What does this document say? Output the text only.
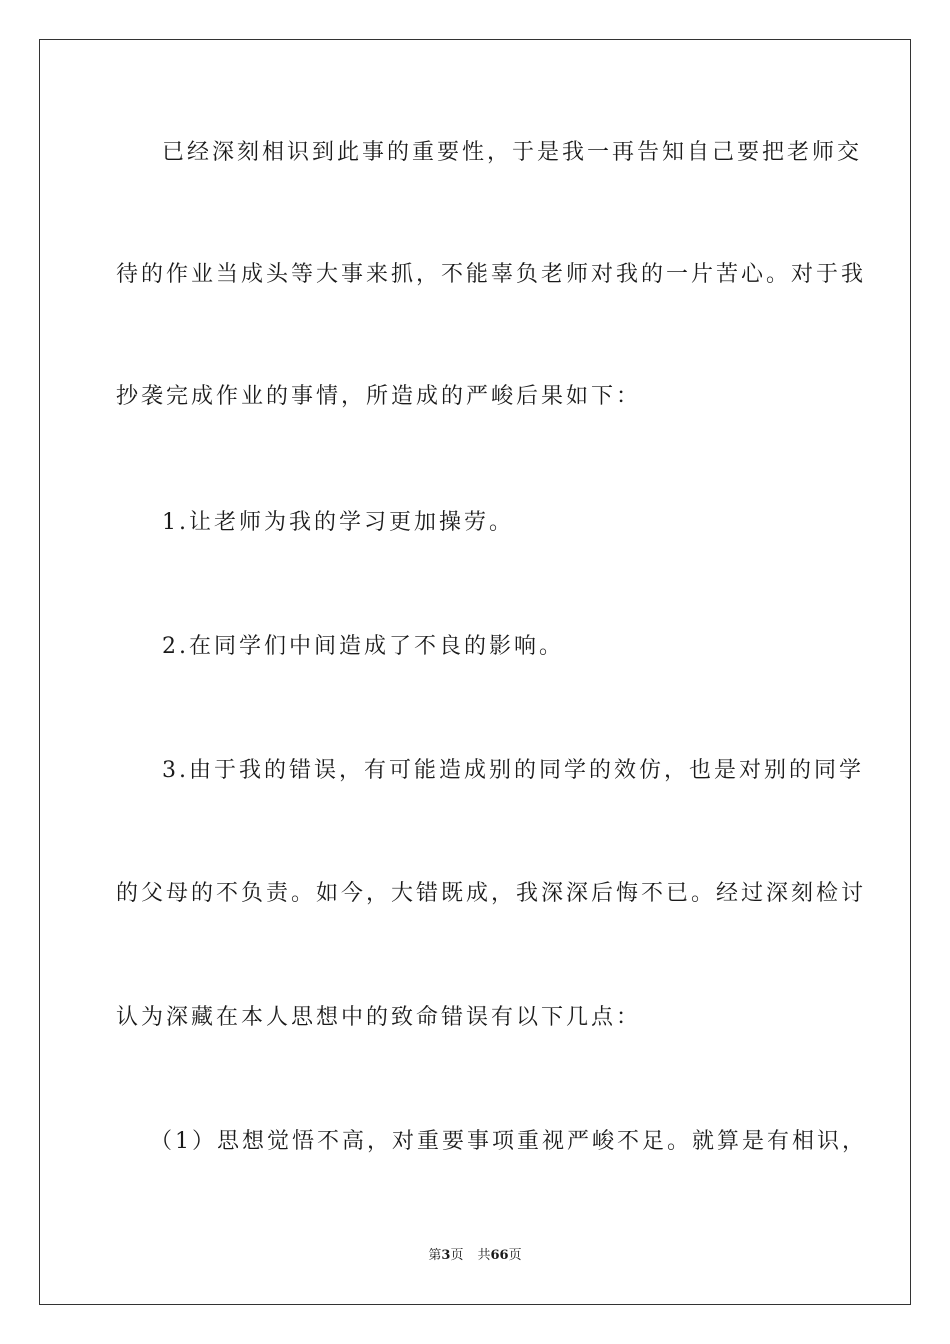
已经深刻相识到此事的重要性，于是我一再告知自己要把老师交
待的作业当成头等大事来抓，不能辜负老师对我的一片苦心。对于我
抄袭完成作业的事情，所造成的严峻后果如下：
1.让老师为我的学习更加操劳。
2.在同学们中间造成了不良的影响。
3.由于我的错误，有可能造成别的同学的效仿，也是对别的同学
的父母的不负责。如今，大错既成，我深深后悔不已。经过深刻检讨
认为深藏在本人思想中的致命错误有以下几点：
（1）思想觉悟不高，对重要事项重视严峻不足。就算是有相识，
第3页 共66页
